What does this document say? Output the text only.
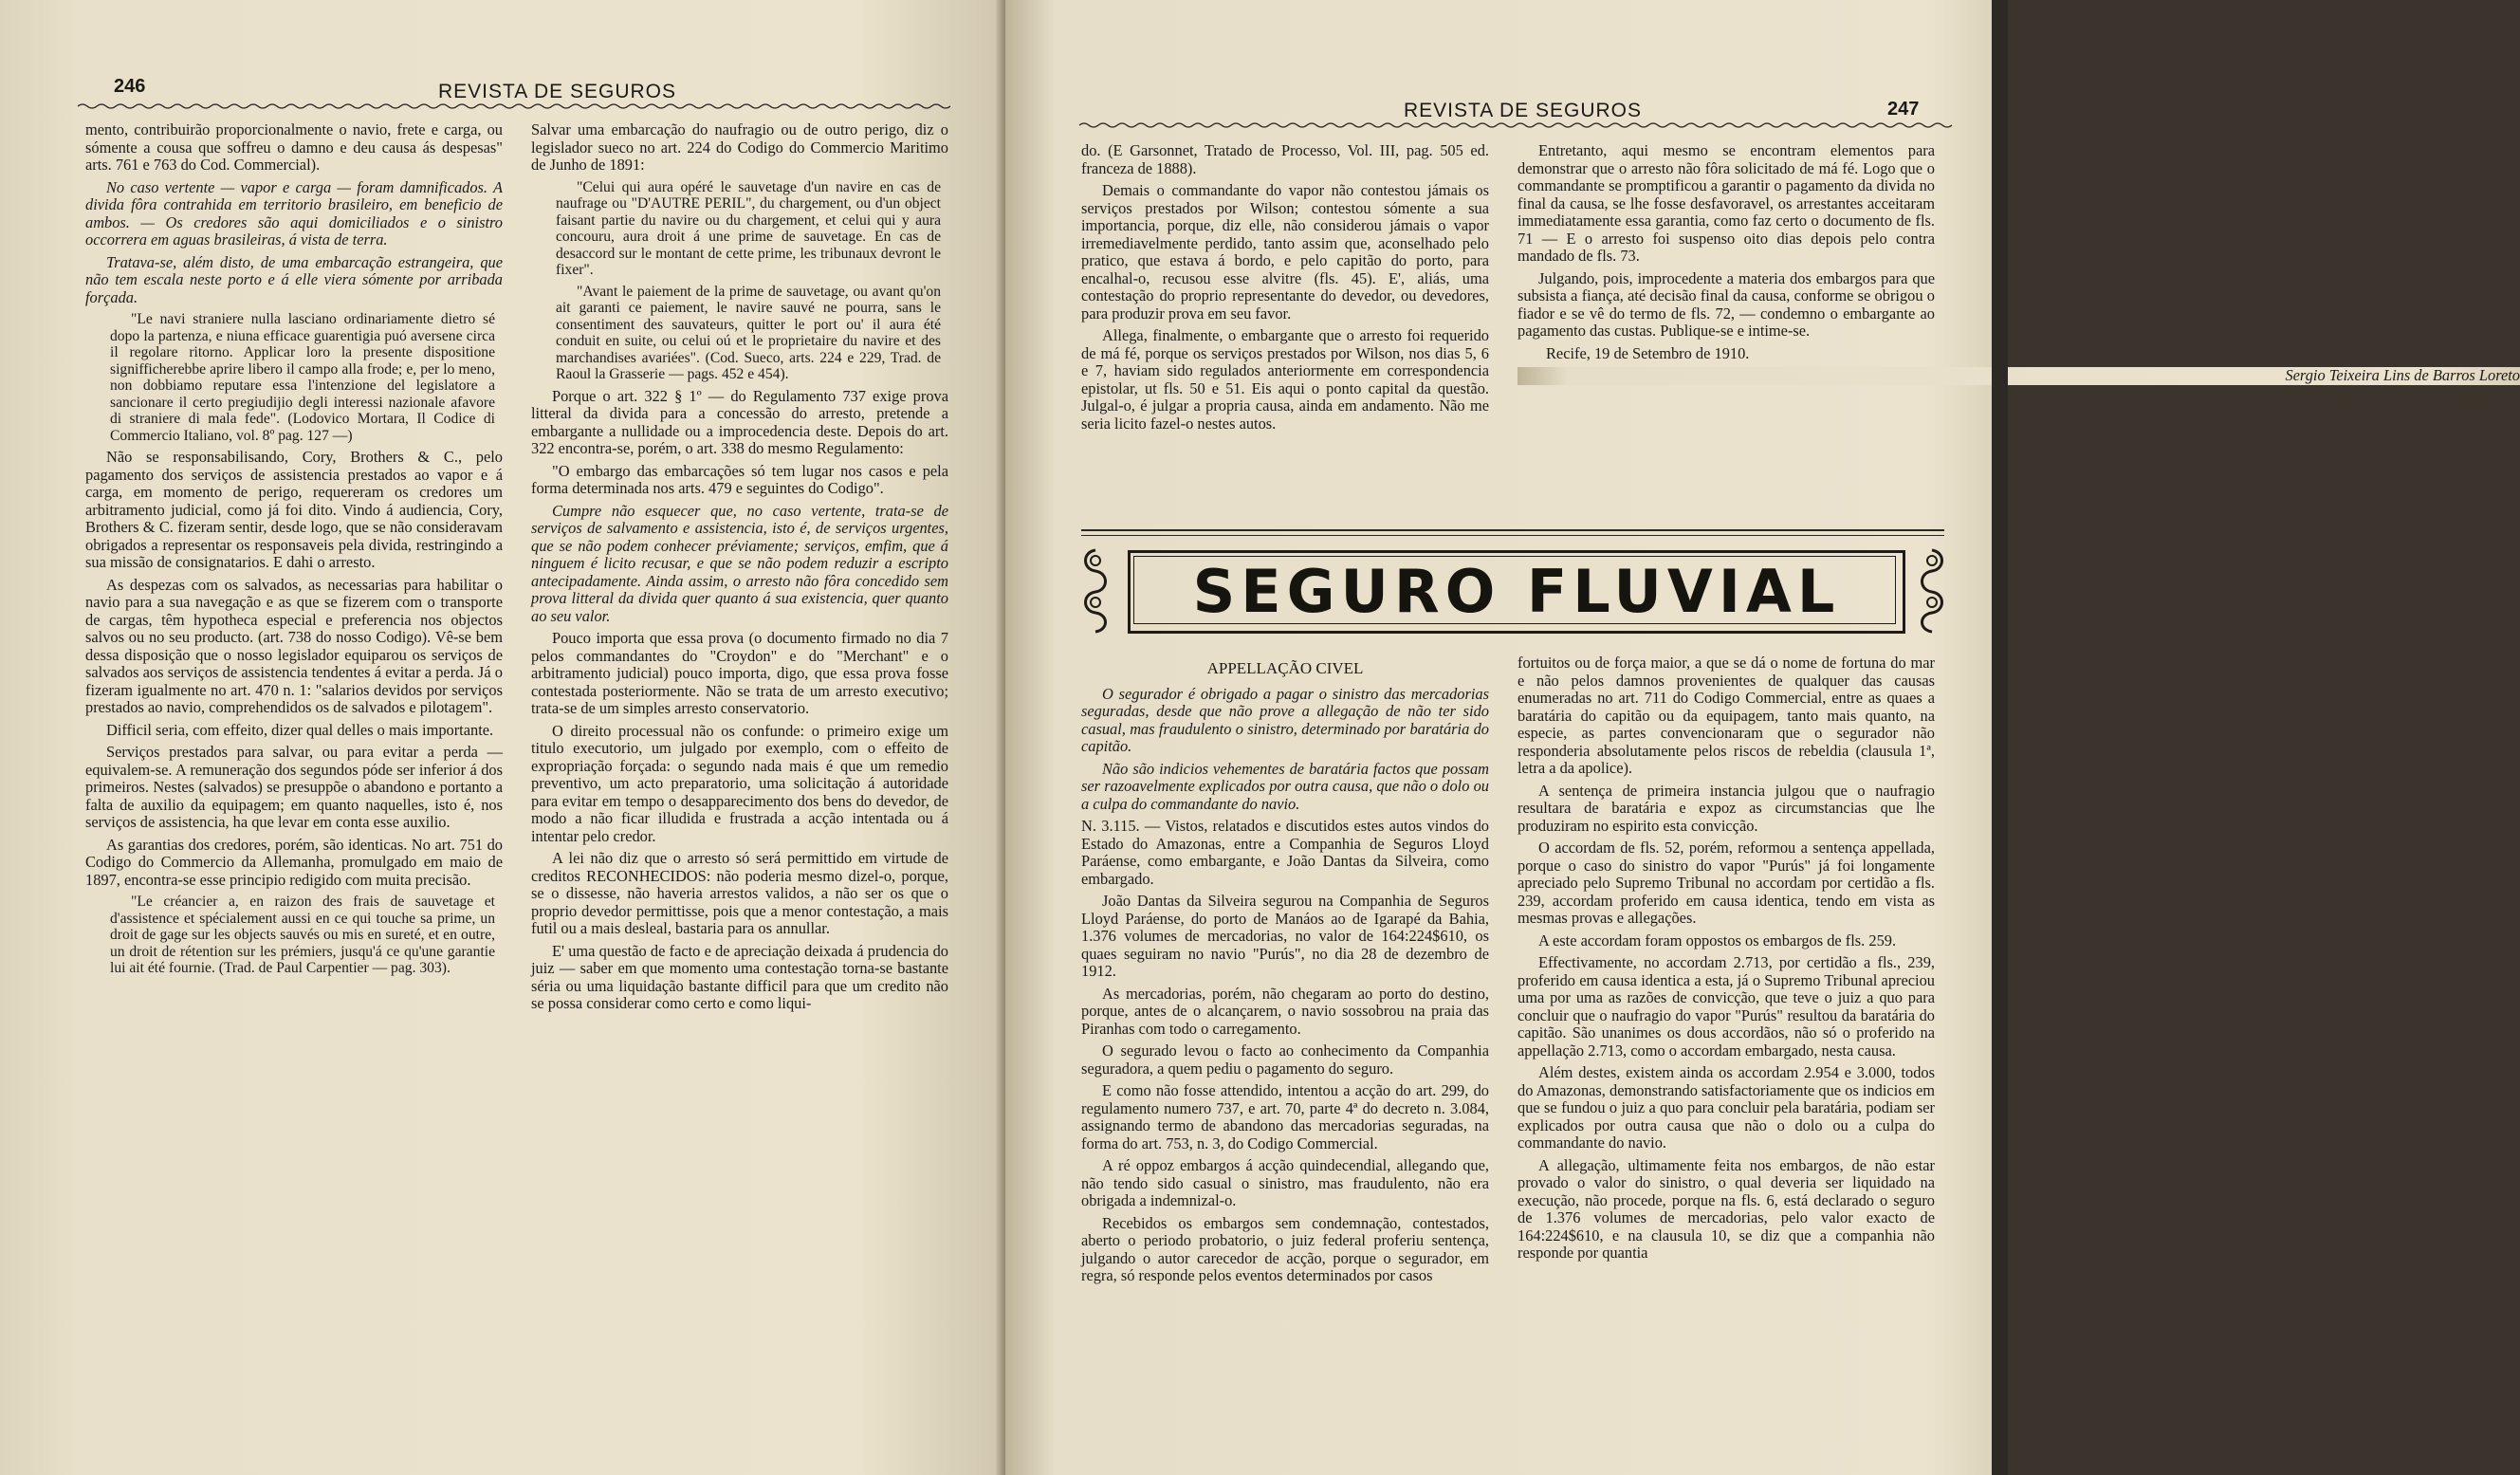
246	REVISTA DE SEGUROS

mento, contribuirão proporcionalmente o navio, frete e carga, ou sómente a cousa que soffreu o damno e deu causa ás despesas" arts. 761 e 763 do Cod. Commercial).

No caso vertente — vapor e carga — foram damnificados. A divida fôra contrahida em territorio brasileiro, em beneficio de ambos. — Os credores são aqui domiciliados e o sinistro occorrera em aguas brasileiras, á vista de terra.

Tratava-se, além disto, de uma embarcação estrangeira, que não tem escala neste porto e á elle viera sómente por arribada forçada.

"Le navi straniere nulla lasciano ordinariamente dietro sé dopo la partenza, e niuna efficace guarentigia puó aversene circa il regolare ritorno. Applicar loro la presente dispositione signifficherebbe aprire libero il campo alla frode; e, per lo meno, non dobbiamo reputare essa l'intenzione del legislatore a sancionare il certo pregiudijio degli interessi nazionale afavore di straniere di mala fede". (Lodovico Mortara, Il Codice di Commercio Italiano, vol. 8º pag. 127 —)

Não se responsabilisando, Cory, Brothers & C., pelo pagamento dos serviços de assistencia prestados ao vapor e á carga, em momento de perigo, requereram os credores um arbitramento judicial, como já foi dito. Vindo á audiencia, Cory, Brothers & C. fizeram sentir, desde logo, que se não consideravam obrigados a representar os responsaveis pela divida, restringindo a sua missão de consignatarios. E dahi o arresto.

As despezas com os salvados, as necessarias para habilitar o navio para a sua navegação e as que se fizerem com o transporte de cargas, têm hypotheca especial e preferencia nos objectos salvos ou no seu producto. (art. 738 do nosso Codigo). Vê-se bem dessa disposição que o nosso legislador equiparou os serviços de salvados aos serviços de assistencia tendentes á evitar a perda. Já o fizeram igualmente no art. 470 n. 1: "salarios devidos por serviços prestados ao navio, comprehendidos os de salvados e pilotagem".

Difficil seria, com effeito, dizer qual delles o mais importante.

Serviços prestados para salvar, ou para evitar a perda — equivalem-se. A remuneração dos segundos póde ser inferior á dos primeiros. Nestes (salvados) se presuppõe o abandono e portanto a falta de auxilio da equipagem; em quanto naquelles, isto é, nos serviços de assistencia, ha que levar em conta esse auxilio.

As garantias dos credores, porém, são identicas. No art. 751 do Codigo do Commercio da Allemanha, promulgado em maio de 1897, encontra-se esse principio redigido com muita precisão.

"Le créancier a, en raizon des frais de sauvetage et d'assistence et spécialement aussi en ce qui touche sa prime, un droit de gage sur les objects sauvés ou mis en sureté, et en outre, un droit de rétention sur les prémiers, jusqu'á ce qu'une garantie lui ait été fournie. (Trad. de Paul Carpentier — pag. 303).

Salvar uma embarcação do naufragio ou de outro perigo, diz o legislador sueco no art. 224 do Codigo do Commercio Maritimo de Junho de 1891:

"Celui qui aura opéré le sauvetage d'un navire en cas de naufrage ou "D'AUTRE PERIL", du chargement, ou d'un object faisant partie du navire ou du chargement, et celui qui y aura concouru, aura droit á une prime de sauvetage. En cas de desaccord sur le montant de cette prime, les tribunaux devront le fixer".

"Avant le paiement de la prime de sauvetage, ou avant qu'on ait garanti ce paiement, le navire sauvé ne pourra, sans le consentiment des sauvateurs, quitter le port ou' il aura été conduit en suite, ou celui oú et le proprietaire du navire et des marchandises avariées". (Cod. Sueco, arts. 224 e 229, Trad. de Raoul la Grasserie — pags. 452 e 454).

Porque o art. 322 § 1º — do Regulamento 737 exige prova litteral da divida para a concessão do arresto, pretende a embargante a nullidade ou a improcedencia deste. Depois do art. 322 encontra-se, porém, o art. 338 do mesmo Regulamento:

"O embargo das embarcações só tem lugar nos casos e pela forma determinada nos arts. 479 e seguintes do Codigo".

Cumpre não esquecer que, no caso vertente, trata-se de serviços de salvamento e assistencia, isto é, de serviços urgentes, que se não podem conhecer préviamente; serviços, emfim, que á ninguem é licito recusar, e que se não podem reduzir a escripto antecipadamente. Ainda assim, o arresto não fôra concedido sem prova litteral da divida quer quanto á sua existencia, quer quanto ao seu valor.

Pouco importa que essa prova (o documento firmado no dia 7 pelos commandantes do "Croydon" e do "Merchant" e o arbitramento judicial) pouco importa, digo, que essa prova fosse contestada posteriormente. Não se trata de um arresto executivo; trata-se de um simples arresto conservatorio.

O direito processual não os confunde: o primeiro exige um titulo executorio, um julgado por exemplo, com o effeito de expropriação forçada: o segundo nada mais é que um remedio preventivo, um acto preparatorio, uma solicitação á autoridade para evitar em tempo o desapparecimento dos bens do devedor, de modo a não ficar illudida e frustrada a acção intentada ou á intentar pelo credor.

A lei não diz que o arresto só será permittido em virtude de creditos RECONHECIDOS: não poderia mesmo dizel-o, porque, se o dissesse, não haveria arrestos validos, a não ser os que o proprio devedor permittisse, pois que a menor contestação, a mais futil ou a mais desleal, bastaria para os annullar.

E' uma questão de facto e de apreciação deixada á prudencia do juiz — saber em que momento uma contestação torna-se bastante séria ou uma liquidação bastante difficil para que um credito não se possa considerar como certo e como liqui-

REVISTA DE SEGUROS	247

do. (E Garsonnet, Tratado de Processo, Vol. III, pag. 505 ed. franceza de 1888).

Demais o commandante do vapor não contestou jámais os serviços prestados por Wilson; contestou sómente a sua importancia, porque, diz elle, não considerou jámais o vapor irremediavelmente perdido, tanto assim que, aconselhado pelo pratico, que estava á bordo, e pelo capitão do porto, para encalhal-o, recusou esse alvitre (fls. 45). E', aliás, uma contestação do proprio representante do devedor, ou devedores, para produzir prova em seu favor.

Allega, finalmente, o embargante que o arresto foi requerido de má fé, porque os serviços prestados por Wilson, nos dias 5, 6 e 7, haviam sido regulados anteriormente em correspondencia epistolar, ut fls. 50 e 51. Eis aqui o ponto capital da questão. Julgal-o, é julgar a propria causa, ainda em andamento. Não me seria licito fazel-o nestes autos.

Entretanto, aqui mesmo se encontram elementos para demonstrar que o arresto não fôra solicitado de má fé. Logo que o commandante se promptificou a garantir o pagamento da divida no final da causa, se lhe fosse desfavoravel, os arrestantes acceitaram immediatamente essa garantia, como faz certo o documento de fls. 71 — E o arresto foi suspenso oito dias depois pelo contra mandado de fls. 73.

Julgando, pois, improcedente a materia dos embargos para que subsista a fiança, até decisão final da causa, conforme se obrigou o fiador e se vê do termo de fls. 72, — condemno o embargante ao pagamento das custas. Publique-se e intime-se.

Recife, 19 de Setembro de 1910.

Sergio Teixeira Lins de Barros Loreto

SEGURO FLUVIAL

APPELLAÇÃO CIVEL

O segurador é obrigado a pagar o sinistro das mercadorias seguradas, desde que não prove a allegação de não ter sido casual, mas fraudulento o sinistro, determinado por baratária do capitão.

Não são indicios vehementes de baratária factos que possam ser razoavelmente explicados por outra causa, que não o dolo ou a culpa do commandante do navio.

N. 3.115. — Vistos, relatados e discutidos estes autos vindos do Estado do Amazonas, entre a Companhia de Seguros Lloyd Paráense, como embargante, e João Dantas da Silveira, como embargado.

João Dantas da Silveira segurou na Companhia de Seguros Lloyd Paráense, do porto de Manáos ao de Igarapé da Bahia, 1.376 volumes de mercadorias, no valor de 164:224$610, os quaes seguiram no navio "Purús", no dia 28 de dezembro de 1912.

As mercadorias, porém, não chegaram ao porto do destino, porque, antes de o alcançarem, o navio sossobrou na praia das Piranhas com todo o carregamento.

O segurado levou o facto ao conhecimento da Companhia seguradora, a quem pediu o pagamento do seguro.

E como não fosse attendido, intentou a acção do art. 299, do regulamento numero 737, e art. 70, parte 4ª do decreto n. 3.084, assignando termo de abandono das mercadorias seguradas, na forma do art. 753, n. 3, do Codigo Commercial.

A ré oppoz embargos á acção quindecendial, allegando que, não tendo sido casual o sinistro, mas fraudulento, não era obrigada a indemnizal-o.

Recebidos os embargos sem condemnação, contestados, aberto o periodo probatorio, o juiz federal proferiu sentença, julgando o autor carecedor de acção, porque o segurador, em regra, só responde pelos eventos determinados por casos

fortuitos ou de força maior, a que se dá o nome de fortuna do mar e não pelos damnos provenientes de qualquer das causas enumeradas no art. 711 do Codigo Commercial, entre as quaes a baratária do capitão ou da equipagem, tanto mais quanto, na especie, as partes convencionaram que o segurador não responderia absolutamente pelos riscos de rebeldia (clausula 1ª, letra a da apolice).

A sentença de primeira instancia julgou que o naufragio resultara de baratária e expoz as circumstancias que lhe produziram no espirito esta convicção.

O accordam de fls. 52, porém, reformou a sentença appellada, porque o caso do sinistro do vapor "Purús" já foi longamente apreciado pelo Supremo Tribunal no accordam por certidão a fls. 239, accordam proferido em causa identica, tendo em vista as mesmas provas e allegações.

A este accordam foram oppostos os embargos de fls. 259.

Effectivamente, no accordam 2.713, por certidão a fls., 239, proferido em causa identica a esta, já o Supremo Tribunal apreciou uma por uma as razões de convicção, que teve o juiz a quo para concluir que o naufragio do vapor "Purús" resultou da baratária do capitão. São unanimes os dous accordãos, não só o proferido na appellação 2.713, como o accordam embargado, nesta causa.

Além destes, existem ainda os accordam 2.954 e 3.000, todos do Amazonas, demonstrando satisfactoriamente que os indicios em que se fundou o juiz a quo para concluir pela baratária, podiam ser explicados por outra causa que não o dolo ou a culpa do commandante do navio.

A allegação, ultimamente feita nos embargos, de não estar provado o valor do sinistro, o qual deveria ser liquidado na execução, não procede, porque na fls. 6, está declarado o seguro de 1.376 volumes de mercadorias, pelo valor exacto de 164:224$610, e na clausula 10, se diz que a companhia não responde por quantia
